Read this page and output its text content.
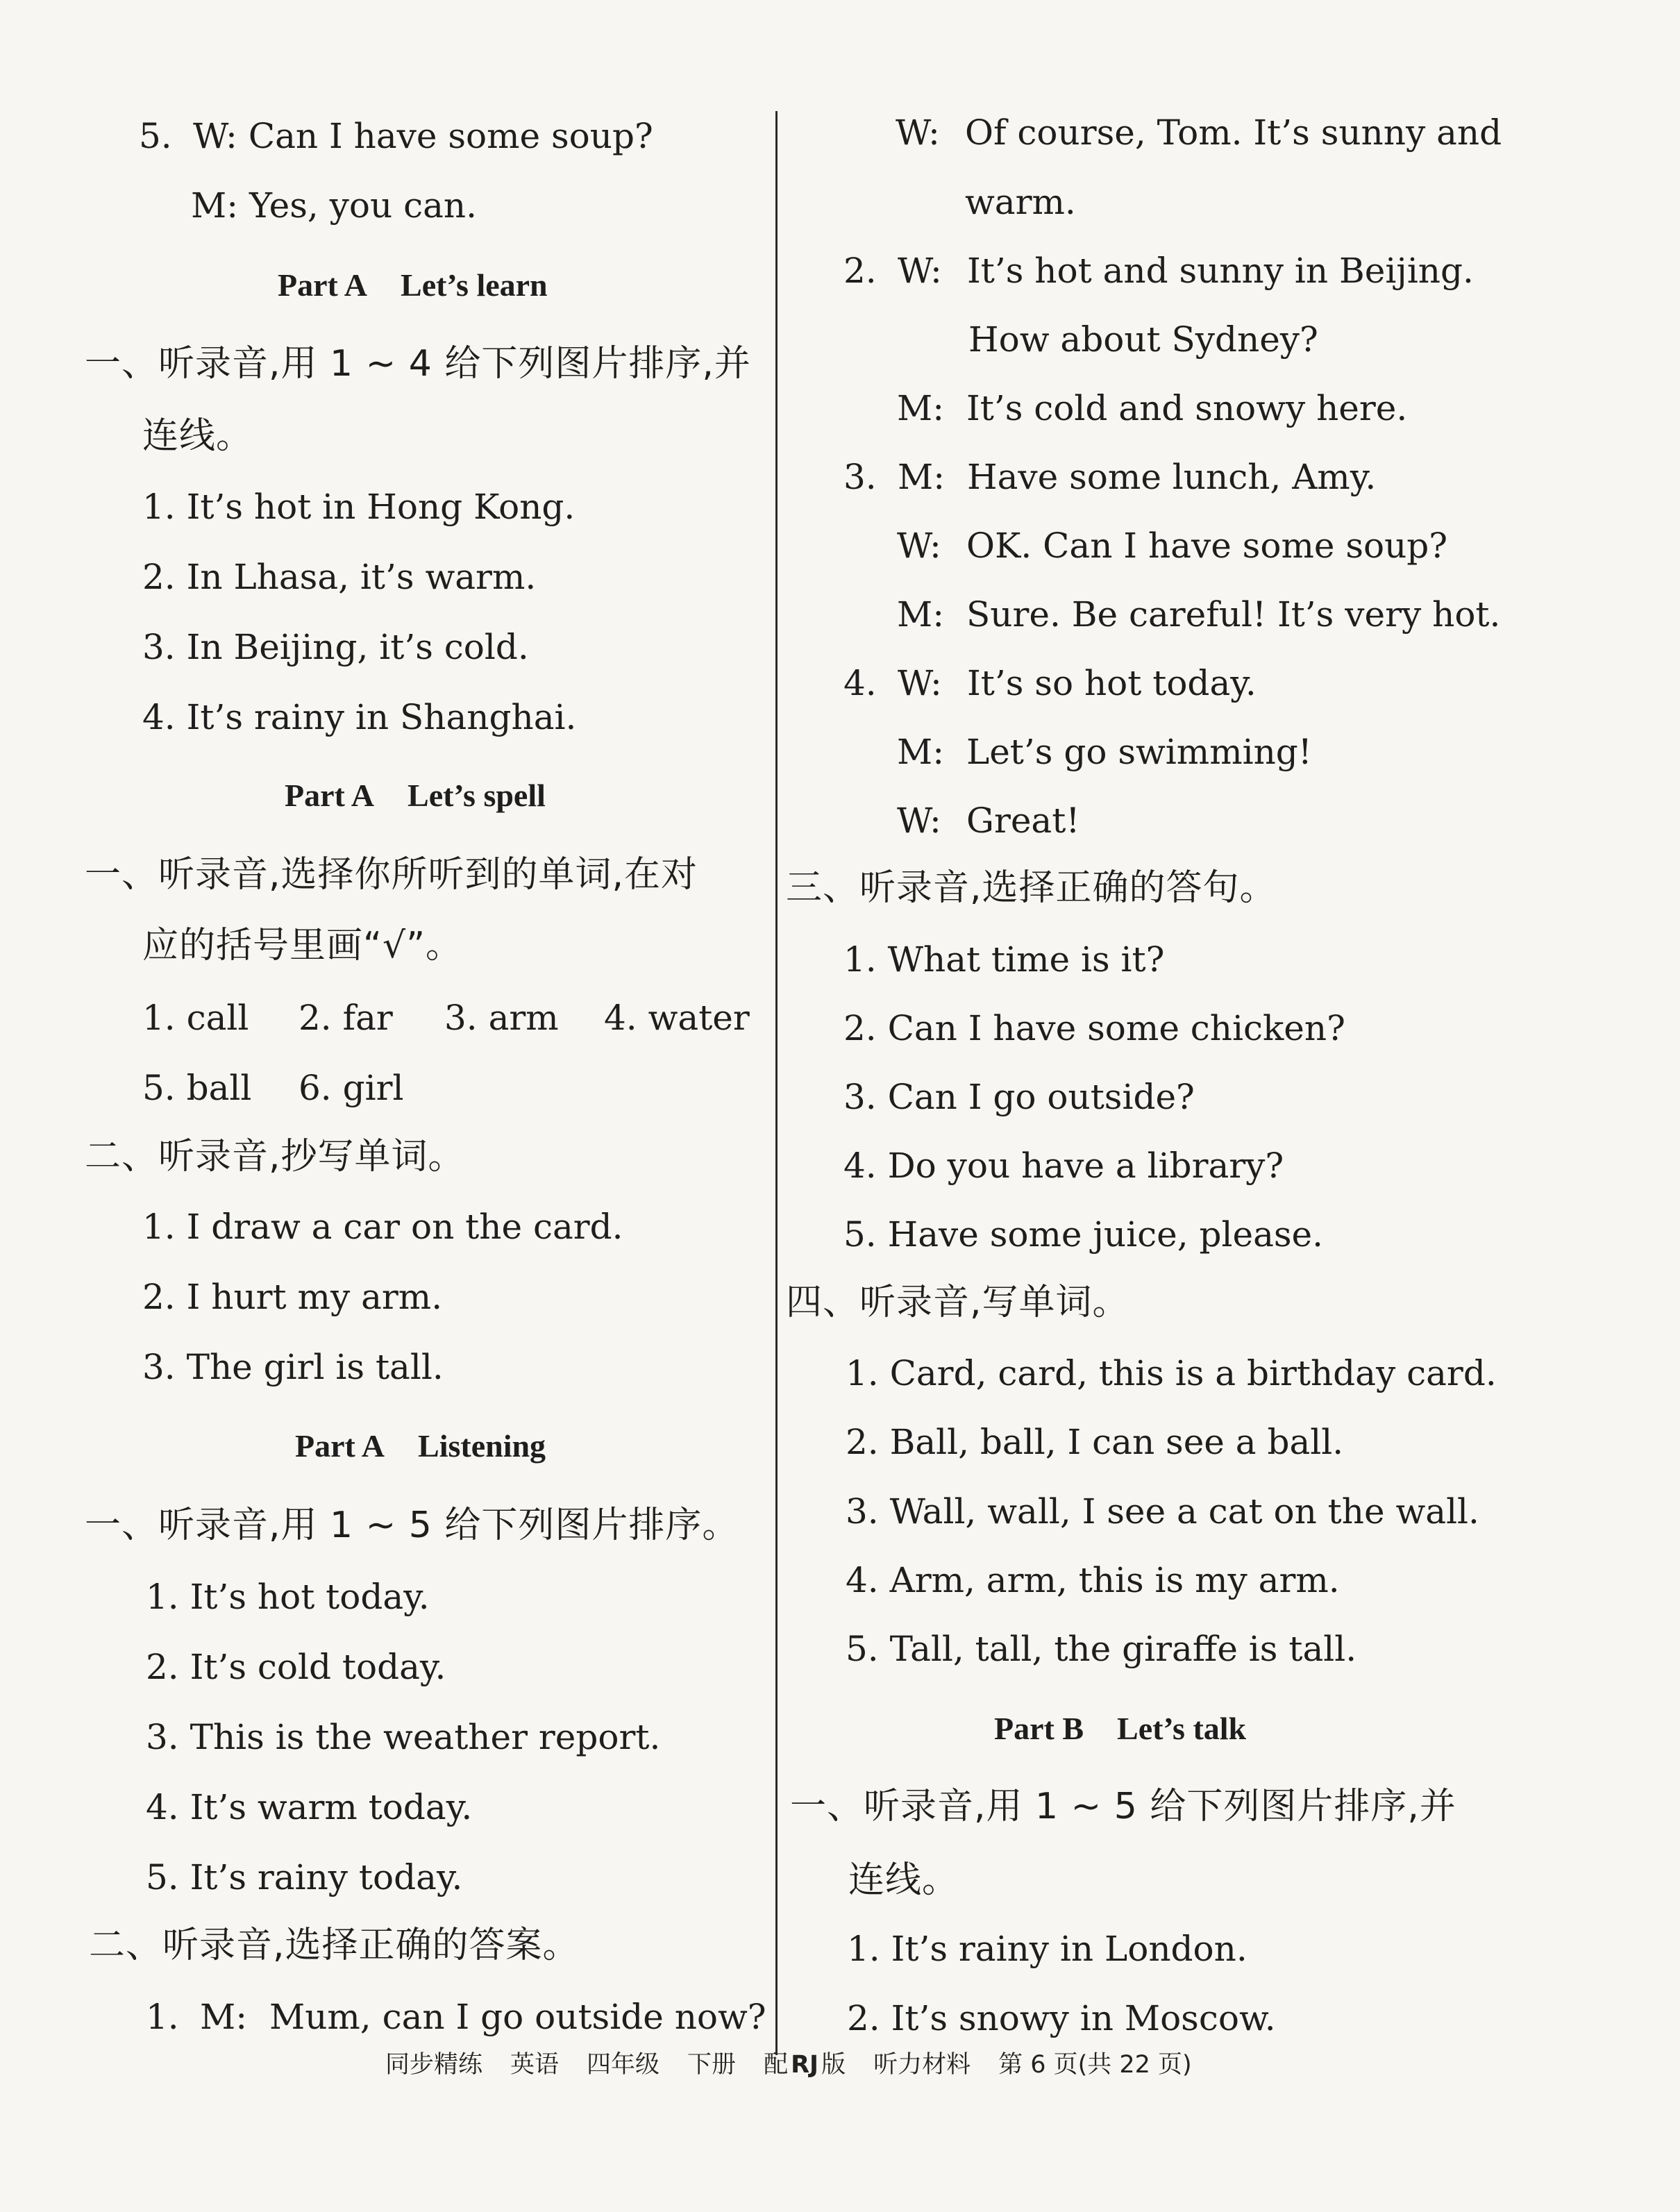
5. W: Can I have some soup?
M: Yes, you can.
Part A Let’s learn
一、听录音,用 1 ~ 4 给下列图片排序,并
连线。
1. It’s hot in Hong Kong.
2. In Lhasa, it’s warm.
3. In Beijing, it’s cold.
4. It’s rainy in Shanghai.
Part A Let’s spell
一、听录音,选择你所听到的单词,在对
应的括号里画“√”。
1. call 2. far 3. arm 4. water
5. ball 6. girl
二、听录音,抄写单词。
1. I draw a car on the card.
2. I hurt my arm.
3. The girl is tall.
Part A Listening
一、听录音,用 1 ~ 5 给下列图片排序。
1. It’s hot today.
2. It’s cold today.
3. This is the weather report.
4. It’s warm today.
5. It’s rainy today.
二、听录音,选择正确的答案。
1. M: Mum, can I go outside now?
W: Of course, Tom. It’s sunny and
warm.
2. W: It’s hot and sunny in Beijing.
How about Sydney?
M: It’s cold and snowy here.
3. M: Have some lunch, Amy.
W: OK. Can I have some soup?
M: Sure. Be careful! It’s very hot.
4. W: It’s so hot today.
M: Let’s go swimming!
W: Great!
三、听录音,选择正确的答句。
1. What time is it?
2. Can I have some chicken?
3. Can I go outside?
4. Do you have a library?
5. Have some juice, please.
四、听录音,写单词。
1. Card, card, this is a birthday card.
2. Ball, ball, I can see a ball.
3. Wall, wall, I see a cat on the wall.
4. Arm, arm, this is my arm.
5. Tall, tall, the giraffe is tall.
Part B Let’s talk
一、听录音,用 1 ~ 5 给下列图片排序,并
连线。
1. It’s rainy in London.
2. It’s snowy in Moscow.
同步精练 英语 四年级 下册 配 RJ 版 听力材料 第 6 页(共 22 页)
